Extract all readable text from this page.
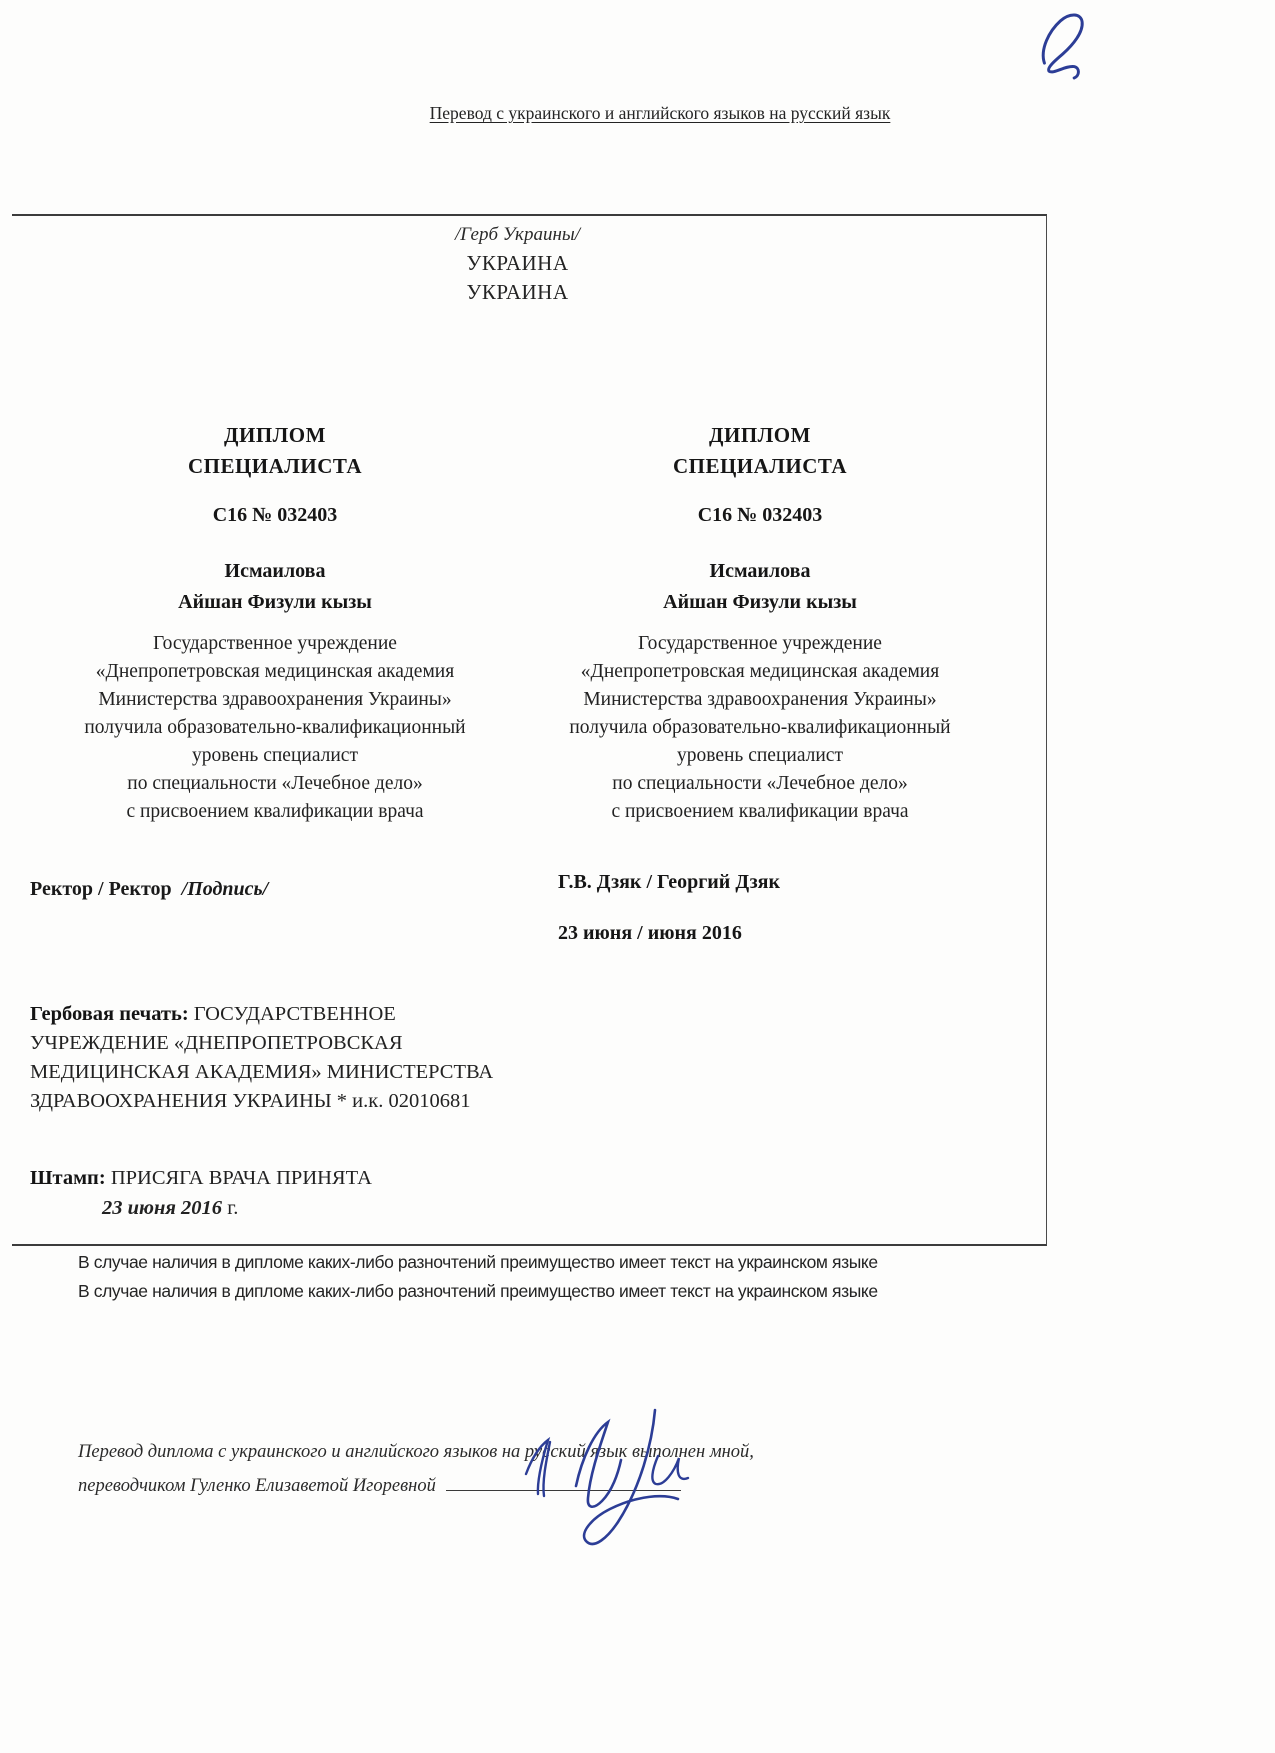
Перевод с украинского и английского языков на русский язык
/Герб Украины/
УКРАИНА
УКРАИНА
ДИПЛОМ
СПЕЦИАЛИСТА
С16 № 032403
Исмаилова
Айшан Физули кызы
Государственное учреждение
«Днепропетровская медицинская академия
Министерства здравоохранения Украины»
получила образовательно-квалификационный
уровень специалист
по специальности «Лечебное дело»
с присвоением квалификации врача
ДИПЛОМ
СПЕЦИАЛИСТА
С16 № 032403
Исмаилова
Айшан Физули кызы
Государственное учреждение
«Днепропетровская медицинская академия
Министерства здравоохранения Украины»
получила образовательно-квалификационный
уровень специалист
по специальности «Лечебное дело»
с присвоением квалификации врача
Ректор / Ректор /Подпись/	Г.В. Дзяк / Георгий Дзяк
23 июня / июня 2016
Гербовая печать: ГОСУДАРСТВЕННОЕ УЧРЕЖДЕНИЕ «ДНЕПРОПЕТРОВСКАЯ МЕДИЦИНСКАЯ АКАДЕМИЯ» МИНИСТЕРСТВА ЗДРАВООХРАНЕНИЯ УКРАИНЫ * и.к. 02010681
Штамп: ПРИСЯГА ВРАЧА ПРИНЯТА
23 июня 2016 г.
В случае наличия в дипломе каких-либо разночтений преимущество имеет текст на украинском языке
В случае наличия в дипломе каких-либо разночтений преимущество имеет текст на украинском языке
Перевод диплома с украинского и английского языков на русский язык выполнен мной,
переводчиком Гуленко Елизаветой Игоревной
